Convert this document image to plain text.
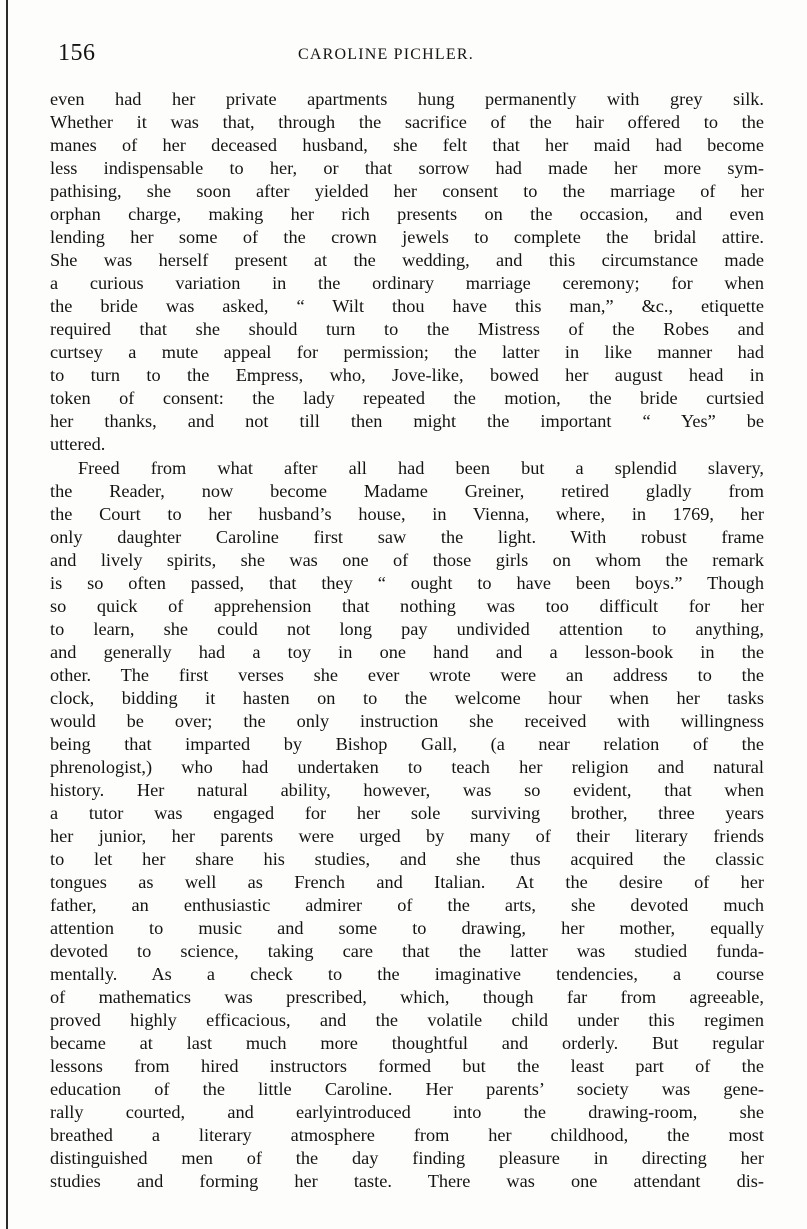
156	CAROLINE PICHLER.
even had her private apartments hung permanently with grey silk.
Whether it was that, through the sacrifice of the hair offered to the
manes of her deceased husband, she felt that her maid had become
less indispensable to her, or that sorrow had made her more sym-
pathising, she soon after yielded her consent to the marriage of her
orphan charge, making her rich presents on the occasion, and even
lending her some of the crown jewels to complete the bridal attire.
She was herself present at the wedding, and this circumstance made
a curious variation in the ordinary marriage ceremony; for when
the bride was asked, “ Wilt thou have this man,” &c., etiquette
required that she should turn to the Mistress of the Robes and
curtsey a mute appeal for permission; the latter in like manner had
to turn to the Empress, who, Jove-like, bowed her august head in
token of consent: the lady repeated the motion, the bride curtsied
her thanks, and not till then might the important “ Yes” be
uttered.
Freed from what after all had been but a splendid slavery,
the Reader, now become Madame Greiner, retired gladly from
the Court to her husband’s house, in Vienna, where, in 1769, her
only daughter Caroline first saw the light. With robust frame
and lively spirits, she was one of those girls on whom the remark
is so often passed, that they “ ought to have been boys.” Though
so quick of apprehension that nothing was too difficult for her
to learn, she could not long pay undivided attention to anything,
and generally had a toy in one hand and a lesson-book in the
other. The first verses she ever wrote were an address to the
clock, bidding it hasten on to the welcome hour when her tasks
would be over; the only instruction she received with willingness
being that imparted by Bishop Gall, (a near relation of the
phrenologist,) who had undertaken to teach her religion and natural
history. Her natural ability, however, was so evident, that when
a tutor was engaged for her sole surviving brother, three years
her junior, her parents were urged by many of their literary friends
to let her share his studies, and she thus acquired the classic
tongues as well as French and Italian. At the desire of her
father, an enthusiastic admirer of the arts, she devoted much
attention to music and some to drawing, her mother, equally
devoted to science, taking care that the latter was studied funda-
mentally. As a check to the imaginative tendencies, a course
of mathematics was prescribed, which, though far from agreeable,
proved highly efficacious, and the volatile child under this regimen
became at last much more thoughtful and orderly. But regular
lessons from hired instructors formed but the least part of the
education of the little Caroline. Her parents’ society was gene-
rally courted, and earlyintroduced into the drawing-room, she
breathed a literary atmosphere from her childhood, the most
distinguished men of the day finding pleasure in directing her
studies and forming her taste. There was one attendant dis-
